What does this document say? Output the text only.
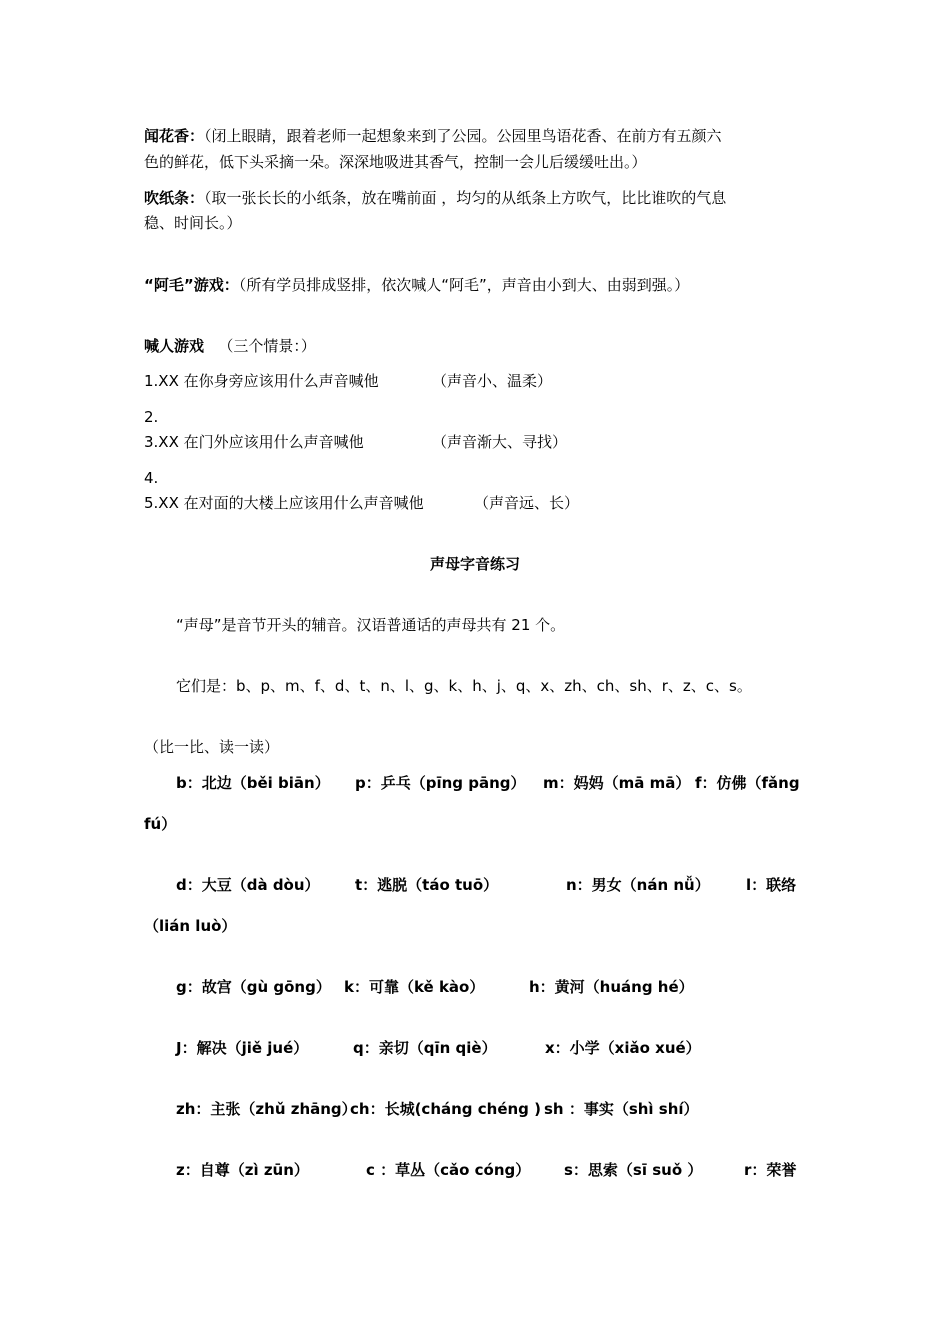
闻花香：（闭上眼睛，跟着老师一起想象来到了公园。公园里鸟语花香、在前方有五颜六
色的鲜花，低下头采摘一朵。深深地吸进其香气，控制一会儿后缓缓吐出。）
吹纸条：（取一张长长的小纸条，放在嘴前面 ，均匀的从纸条上方吹气，比比谁吹的气息
稳、时间长。）
“阿毛”游戏：（所有学员排成竖排，依次喊人“阿毛”，声音由小到大、由弱到强。）
喊人游戏 （三个情景：）
1.XX 在你身旁应该用什么声音喊他	（声音小、温柔）
2.
3.XX 在门外应该用什么声音喊他	（声音渐大、寻找）
4.
5.XX 在对面的大楼上应该用什么声音喊他	（声音远、长）
声母字音练习
“声母”是音节开头的辅音。汉语普通话的声母共有 21 个。
它们是：b、p、m、f、d、t、n、l、g、k、h、j、q、x、zh、ch、sh、r、z、c、s。
（比一比、读一读）
b：北边（běi biān） p：乒乓（pīng pāng） m：妈妈（mā mā） f：仿佛（fǎng
fú）
d：大豆（dà dòu） t：逃脱（táo tuō）	n：男女（nán nǚ） l：联络
（lián luò）
g：故宫（gù gōng） k：可靠（kě kào）	h：黄河（huáng hé）
J：解决（jiě jué）	q：亲切（qīn qiè）	x：小学（xiǎo xué）
zh：主张（zhǔ zhāng）
ch：长城(cháng chéng ) sh ：事实（shì shí）
z：自尊（zì zūn）	c ：草丛（cǎo cóng） s：思索（sī suǒ ）	r：荣誉
